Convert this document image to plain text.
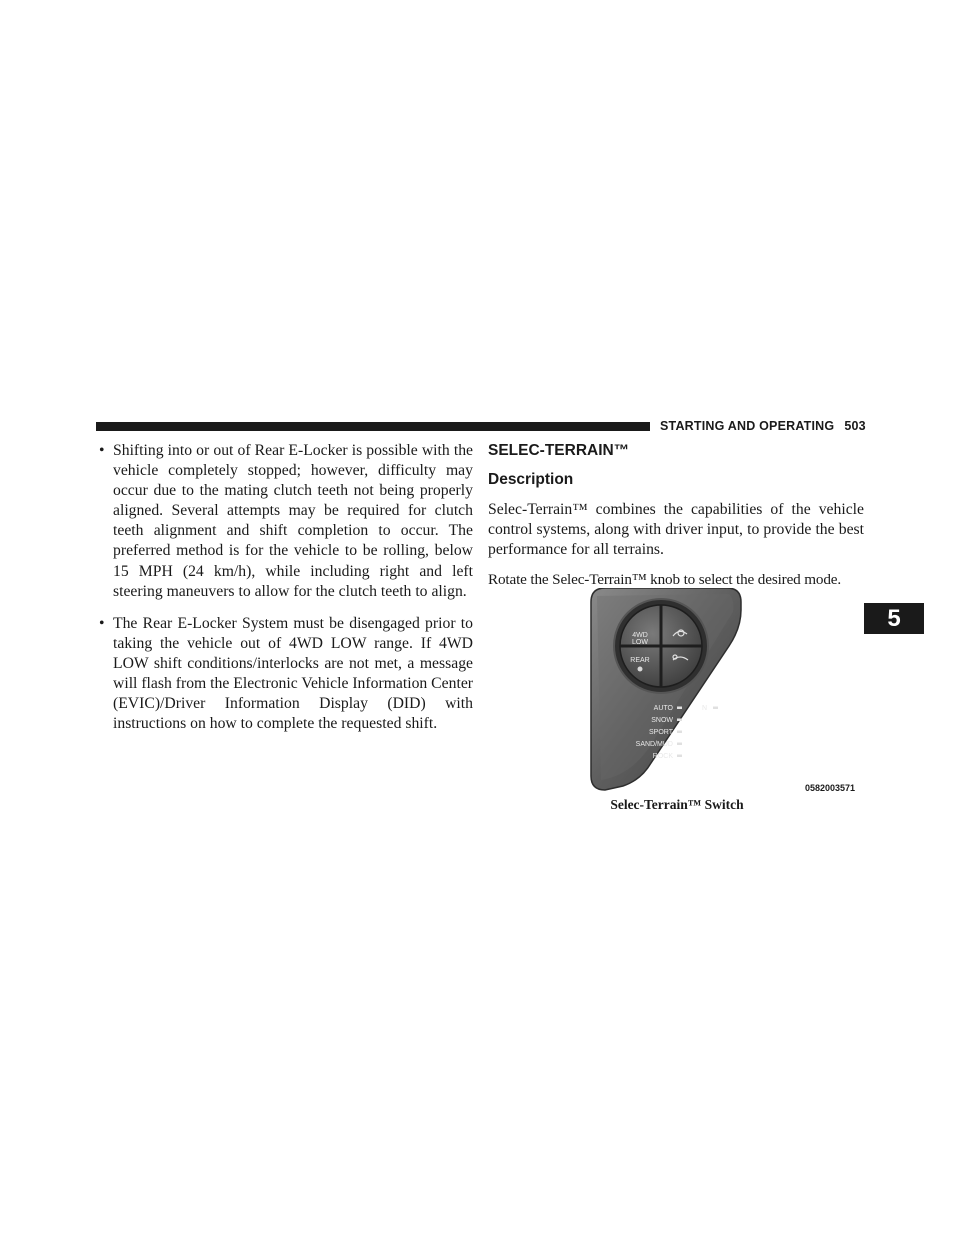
STARTING AND OPERATING 503

• Shifting into or out of Rear E-Locker is possible with the vehicle completely stopped; however, difficulty may occur due to the mating clutch teeth not being properly aligned. Several attempts may be required for clutch teeth alignment and shift completion to occur. The preferred method is for the vehicle to be rolling, below 15 MPH (24 km/h), while including right and left steering maneuvers to allow for the clutch teeth to align.

• The Rear E-Locker System must be disengaged prior to taking the vehicle out of 4WD LOW range. If 4WD LOW shift conditions/interlocks are not met, a message will flash from the Electronic Vehicle Information Center (EVIC)/Driver Information Display (DID) with instructions on how to complete the requested shift.

SELEC-TERRAIN™
Description

Selec-Terrain™ combines the capabilities of the vehicle control systems, along with driver input, to provide the best performance for all terrains.

Rotate the Selec-Terrain™ knob to select the desired mode.

5
4WD
LOW
REAR
N
AUTO
SNOW
SPORT
SAND/MUD
ROCK
0582003571
Selec-Terrain™ Switch
